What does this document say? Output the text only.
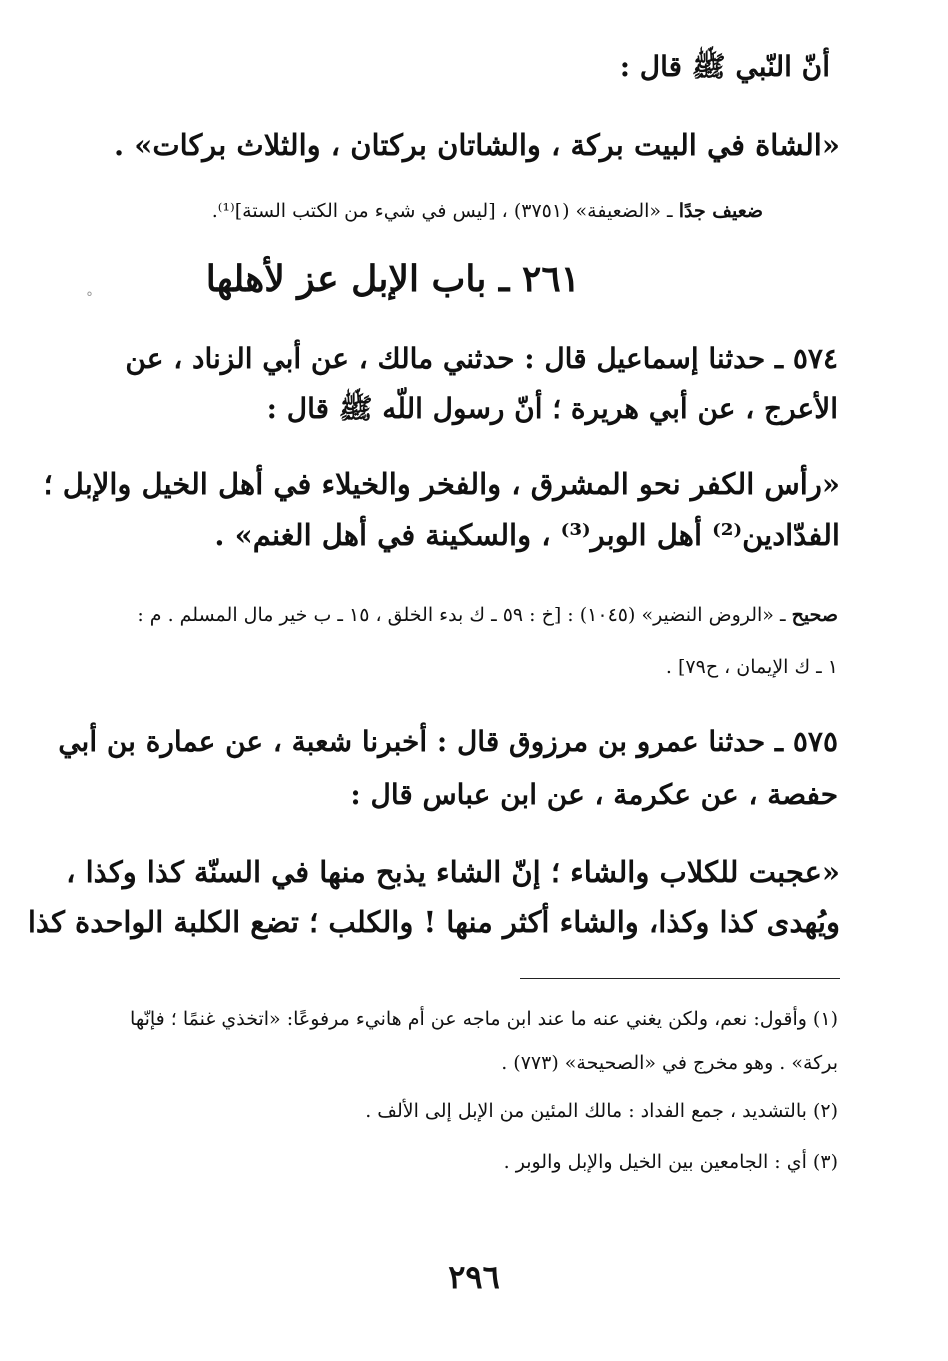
أنّ النّبي ﷺ قال :
«الشاة في البيت بركة ، والشاتان بركتان ، والثلاث بركات» .
ضعيف جدًا ـ «الضعيفة» (٣٧٥١) ، [ليس في شيء من الكتب الستة]⁽¹⁾.
٢٦١ ـ باب الإبل عز لأهلها
°
٥٧٤ ـ حدثنا إسماعيل قال : حدثني مالك ، عن أبي الزناد ، عن
الأعرج ، عن أبي هريرة ؛ أنّ رسول اللّه ﷺ قال :
«رأس الكفر نحو المشرق ، والفخر والخيلاء في أهل الخيل والإبل ؛
الفدّادين⁽²⁾ أهل الوبر⁽³⁾ ، والسكينة في أهل الغنم» .
صحيح ـ «الروض النضير» (١٠٤٥) : [خ : ٥٩ ـ ك بدء الخلق ، ١٥ ـ ب خير مال المسلم . م :
١ ـ ك الإيمان ، ح٧٩] .
٥٧٥ ـ حدثنا عمرو بن مرزوق قال : أخبرنا شعبة ، عن عمارة بن أبي
حفصة ، عن عكرمة ، عن ابن عباس قال :
«عجبت للكلاب والشاء ؛ إنّ الشاء يذبح منها في السنّة كذا وكذا ،
ويُهدى كذا وكذا، والشاء أكثر منها ! والكلب ؛ تضع الكلبة الواحدة كذا
(١) وأقول: نعم، ولكن يغني عنه ما عند ابن ماجه عن أم هانيء مرفوعًا: «اتخذي غنمًا ؛ فإنّها
بركة» . وهو مخرج في «الصحيحة» (٧٧٣) .
(٢) بالتشديد ، جمع الفداد : مالك المئين من الإبل إلى الألف .
(٣) أي : الجامعين بين الخيل والإبل والوبر .
٢٩٦
